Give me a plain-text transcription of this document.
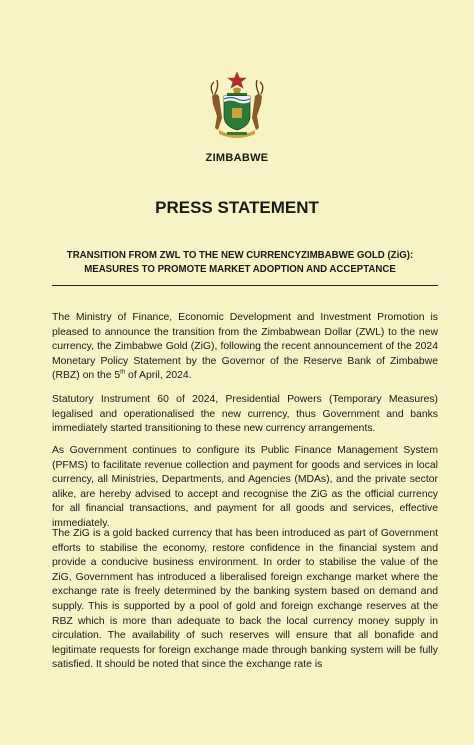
ZIMBABWE
PRESS STATEMENT
TRANSITION FROM ZWL TO THE NEW CURRENCYZIMBABWE GOLD (ZiG):
MEASURES TO PROMOTE MARKET ADOPTION AND ACCEPTANCE
The Ministry of Finance, Economic Development and Investment Promotion is pleased to announce the transition from the Zimbabwean Dollar (ZWL) to the new currency, the Zimbabwe Gold (ZiG), following the recent announcement of the 2024 Monetary Policy Statement by the Governor of the Reserve Bank of Zimbabwe (RBZ) on the 5th of April, 2024.
Statutory Instrument 60 of 2024, Presidential Powers (Temporary Measures) legalised and operationalised the new currency, thus Government and banks immediately started transitioning to these new currency arrangements.
As Government continues to configure its Public Finance Management System (PFMS) to facilitate revenue collection and payment for goods and services in local currency, all Ministries, Departments, and Agencies (MDAs), and the private sector alike, are hereby advised to accept and recognise the ZiG as the official currency for all financial transactions, and payment for all goods and services, effective immediately.
The ZiG is a gold backed currency that has been introduced as part of Government efforts to stabilise the economy, restore confidence in the financial system and provide a conducive business environment. In order to stabilise the value of the ZiG, Government has introduced a liberalised foreign exchange market where the exchange rate is freely determined by the banking system based on demand and supply. This is supported by a pool of gold and foreign exchange reserves at the RBZ which is more than adequate to back the local currency money supply in circulation. The availability of such reserves will ensure that all bonafide and legitimate requests for foreign exchange made through banking system will be fully satisfied. It should be noted that since the exchange rate is
